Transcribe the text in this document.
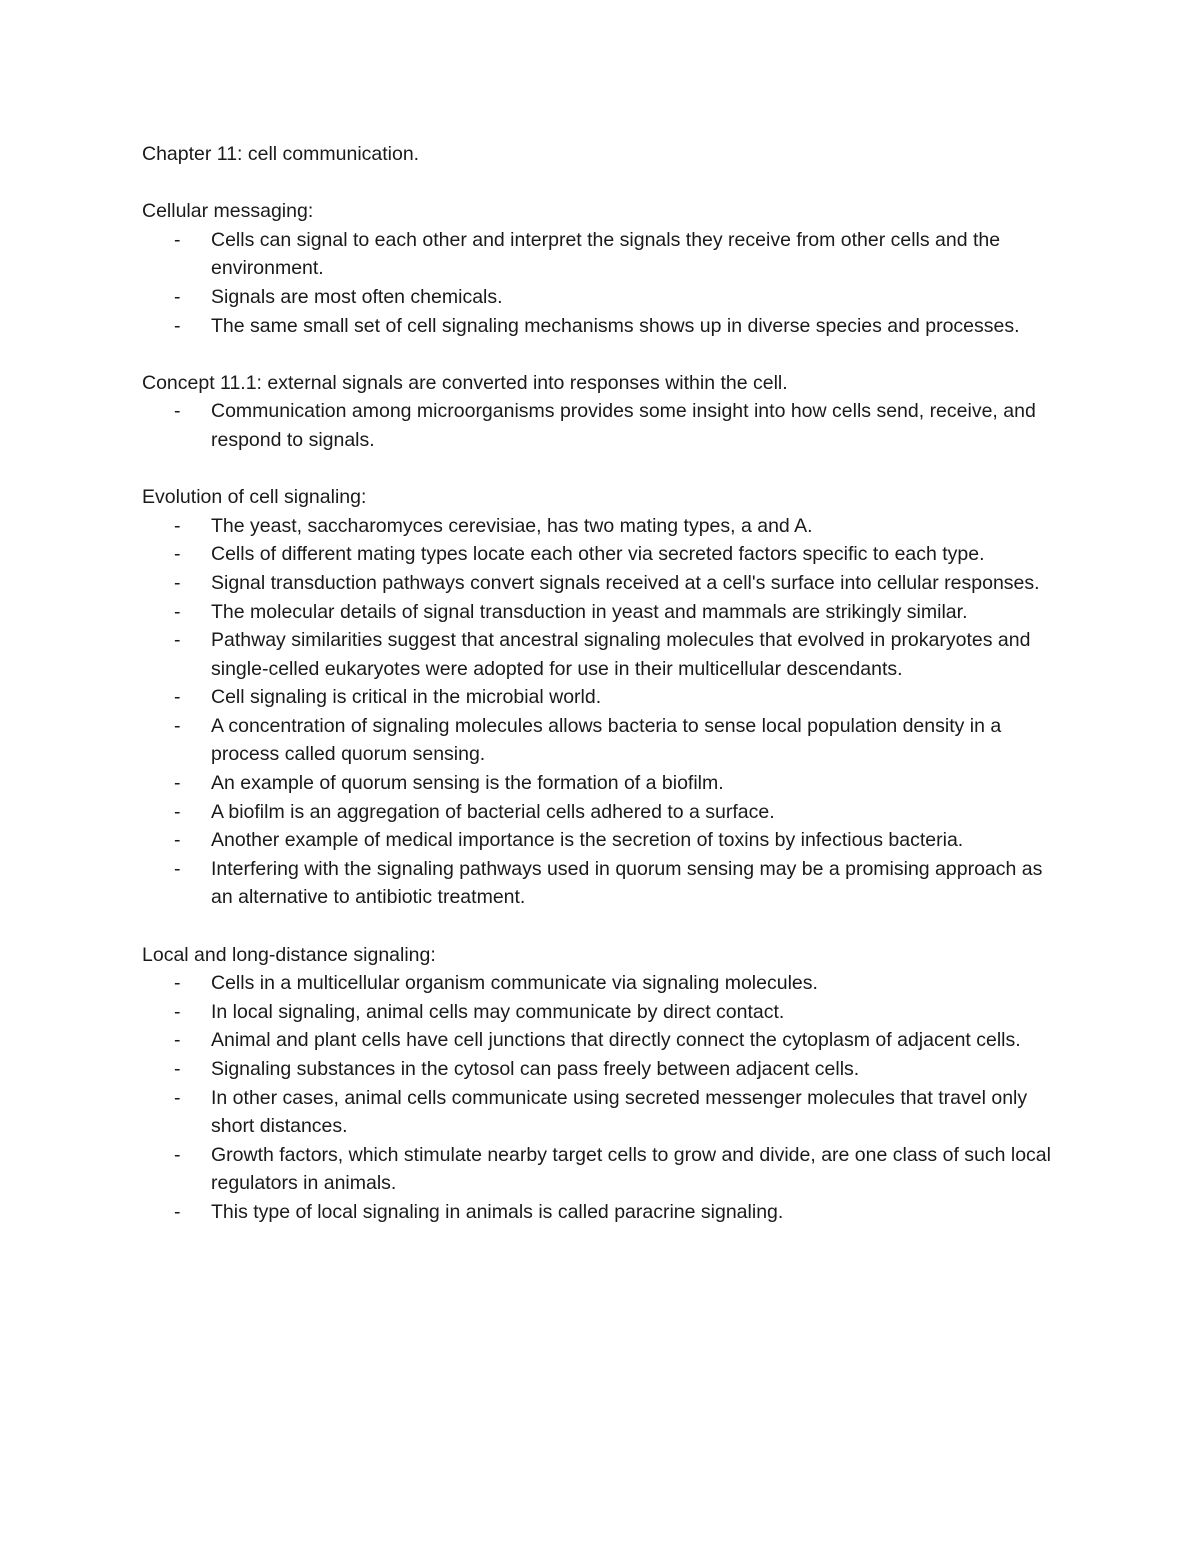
Chapter 11: cell communication.

Cellular messaging:

- Cells can signal to each other and interpret the signals they receive from other cells and the environment.
- Signals are most often chemicals.
- The same small set of cell signaling mechanisms shows up in diverse species and processes.

Concept 11.1: external signals are converted into responses within the cell.

- Communication among microorganisms provides some insight into how cells send, receive, and respond to signals.

Evolution of cell signaling:

- The yeast, saccharomyces cerevisiae, has two mating types, a and A.
- Cells of different mating types locate each other via secreted factors specific to each type.
- Signal transduction pathways convert signals received at a cell's surface into cellular responses.
- The molecular details of signal transduction in yeast and mammals are strikingly similar.
- Pathway similarities suggest that ancestral signaling molecules that evolved in prokaryotes and single-celled eukaryotes were adopted for use in their multicellular descendants.
- Cell signaling is critical in the microbial world.
- A concentration of signaling molecules allows bacteria to sense local population density in a process called quorum sensing.
- An example of quorum sensing is the formation of a biofilm.
- A biofilm is an aggregation of bacterial cells adhered to a surface.
- Another example of medical importance is the secretion of toxins by infectious bacteria.
- Interfering with the signaling pathways used in quorum sensing may be a promising approach as an alternative to antibiotic treatment.

Local and long-distance signaling:

- Cells in a multicellular organism communicate via signaling molecules.
- In local signaling, animal cells may communicate by direct contact.
- Animal and plant cells have cell junctions that directly connect the cytoplasm of adjacent cells.
- Signaling substances in the cytosol can pass freely between adjacent cells.
- In other cases, animal cells communicate using secreted messenger molecules that travel only short distances.
- Growth factors, which stimulate nearby target cells to grow and divide, are one class of such local regulators in animals.
- This type of local signaling in animals is called paracrine signaling.
